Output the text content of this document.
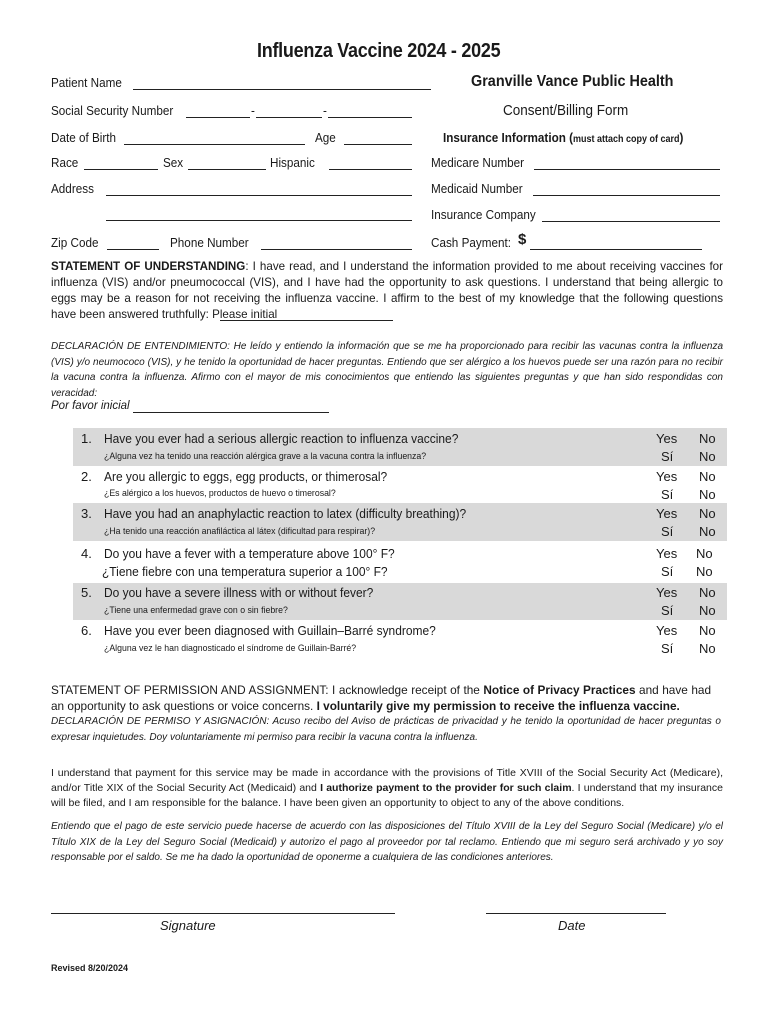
Influenza Vaccine 2024 - 2025
Patient Name
Social Security Number	-	-
Date of Birth	Age
Race	Sex	Hispanic
Address
Zip Code	Phone Number
Granville Vance Public Health
Consent/Billing Form
Insurance Information (must attach copy of card)
Medicare Number
Medicaid Number
Insurance Company
Cash Payment: $
STATEMENT OF UNDERSTANDING: I have read, and I understand the information provided to me about receiving vaccines for influenza (VIS) and/or pneumococcal (VIS), and I have had the opportunity to ask questions. I understand that being allergic to eggs may be a reason for not receiving the influenza vaccine. I affirm to the best of my knowledge that the following questions have been answered truthfully: Please initial
DECLARACIÓN DE ENTENDIMIENTO: He leído y entiendo la información que se me ha proporcionado para recibir las vacunas contra la influenza (VIS) y/o neumococo (VIS), y he tenido la oportunidad de hacer preguntas. Entiendo que ser alérgico a los huevos puede ser una razón para no recibir la vacuna contra la influenza. Afirmo con el mayor de mis conocimientos que entiendo las siguientes preguntas y que han sido respondidas con veracidad:
Por favor inicial
1. Have you ever had a serious allergic reaction to influenza vaccine?
¿Alguna vez ha tenido una reacción alérgica grave a la vacuna contra la influenza?
Yes No
Sí No
2. Are you allergic to eggs, egg products, or thimerosal?
¿Es alérgico a los huevos, productos de huevo o timerosal?
Yes No
Sí No
3. Have you had an anaphylactic reaction to latex (difficulty breathing)?
¿Ha tenido una reacción anafiláctica al látex (dificultad para respirar)?
Yes No
Sí No
4. Do you have a fever with a temperature above 100° F?
¿Tiene fiebre con una temperatura superior a 100° F?
Yes No
Sí No
5. Do you have a severe illness with or without fever?
¿Tiene una enfermedad grave con o sin fiebre?
Yes No
Sí No
6. Have you ever been diagnosed with Guillain–Barré syndrome?
¿Alguna vez le han diagnosticado el síndrome de Guillain-Barré?
Yes No
Sí No
STATEMENT OF PERMISSION AND ASSIGNMENT: I acknowledge receipt of the Notice of Privacy Practices and have had an opportunity to ask questions or voice concerns. I voluntarily give my permission to receive the influenza vaccine.
DECLARACIÓN DE PERMISO Y ASIGNACIÓN: Acuso recibo del Aviso de prácticas de privacidad y he tenido la oportunidad de hacer preguntas o expresar inquietudes. Doy voluntariamente mi permiso para recibir la vacuna contra la influenza.
I understand that payment for this service may be made in accordance with the provisions of Title XVIII of the Social Security Act (Medicare), and/or Title XIX of the Social Security Act (Medicaid) and I authorize payment to the provider for such claim. I understand that my insurance will be filed, and I am responsible for the balance. I have been given an opportunity to object to any of the above conditions.
Entiendo que el pago de este servicio puede hacerse de acuerdo con las disposiciones del Título XVIII de la Ley del Seguro Social (Medicare) y/o el Título XIX de la Ley del Seguro Social (Medicaid) y autorizo el pago al proveedor por tal reclamo. Entiendo que mi seguro será archivado y yo soy responsable por el saldo. Se me ha dado la oportunidad de oponerme a cualquiera de las condiciones anteriores.
Signature	Date
Revised 8/20/2024
